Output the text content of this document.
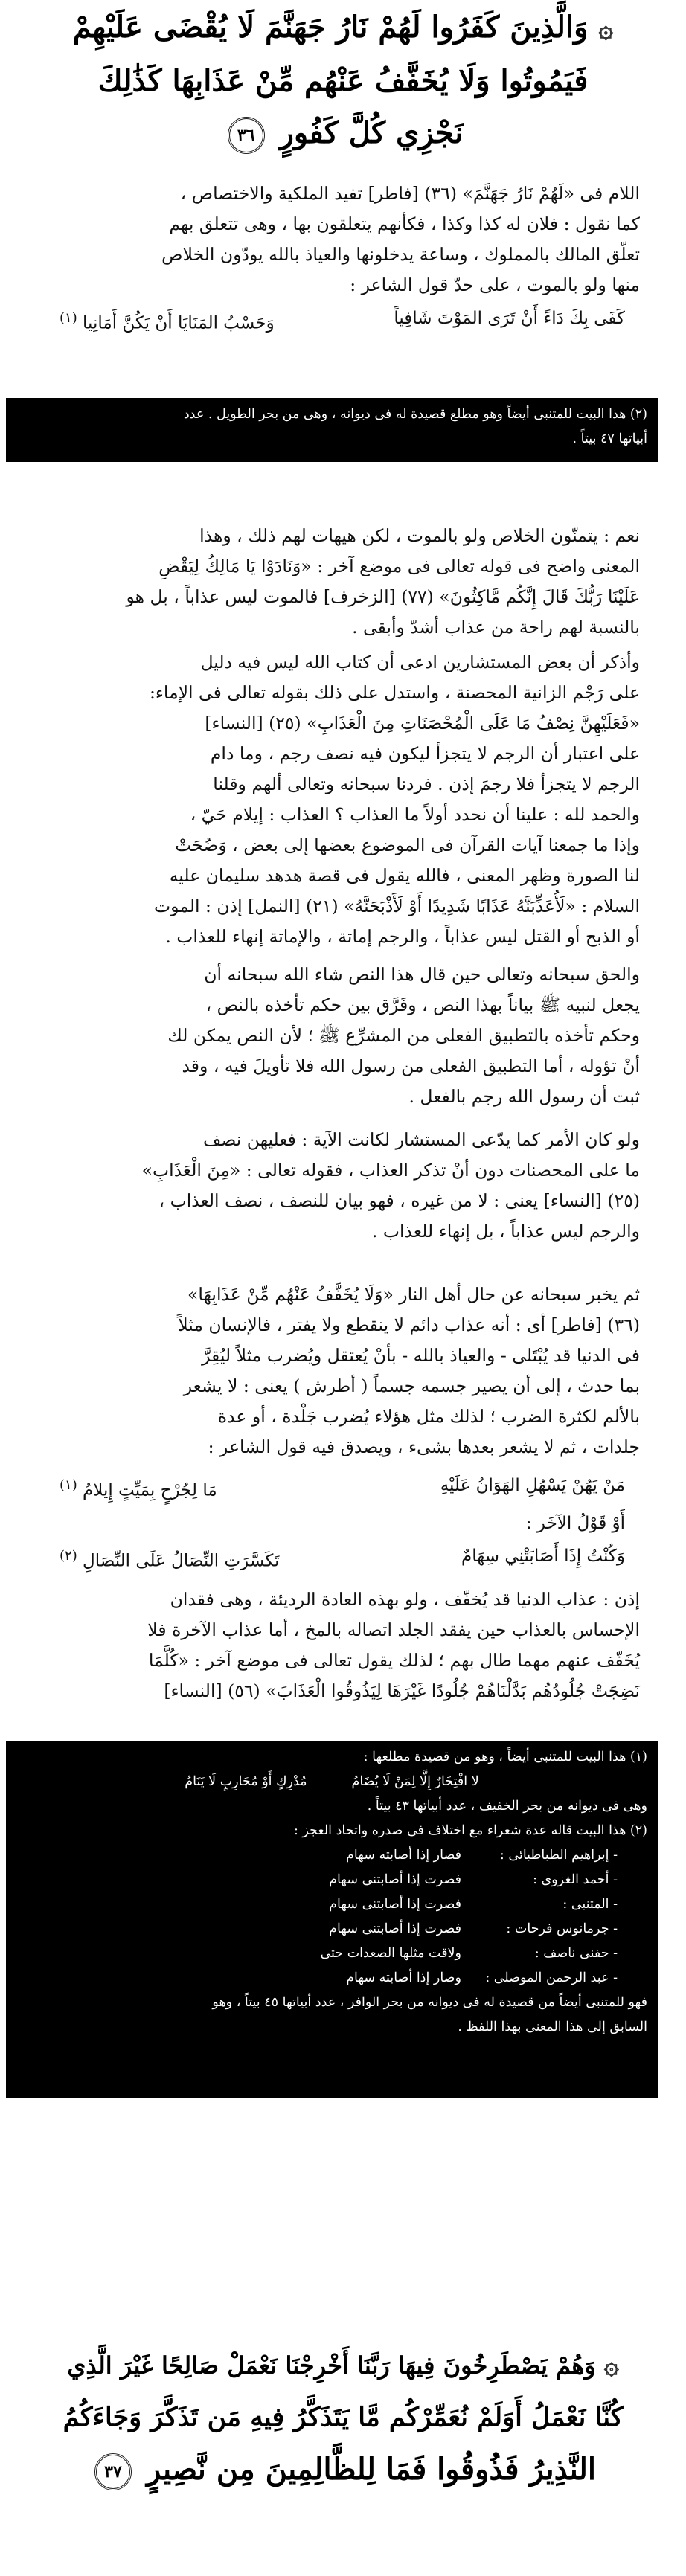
۞ وَالَّذِينَ كَفَرُوا لَهُمْ نَارُ جَهَنَّمَ لَا يُقْضَى عَلَيْهِمْ
فَيَمُوتُوا وَلَا يُخَفَّفُ عَنْهُم مِّنْ عَذَابِهَا كَذَٰلِكَ
نَجْزِي كُلَّ كَفُورٍ ٣٦

اللام فى «لَهُمْ نَارُ جَهَنَّمَ» (٣٦) [فاطر] تفيد الملكية والاختصاص ،

كما نقول : فلان له كذا وكذا ، فكأنهم يتعلقون بها ، وهى تتعلق بهم

تعلّق المالك بالمملوك ، وساعة يدخلونها والعياذ بالله يودّون الخلاص

منها ولو بالموت ، على حدّ قول الشاعر :

كَفَى بِكَ دَاءً أَنْ تَرَى المَوْتَ شَافِياً
وَحَسْبُ المَنَايَا أَنْ يَكُنَّ أَمَانِيا $^{(١)}$

(٢) هذا البيت للمتنبى أيضاً وهو مطلع قصيدة له فى ديوانه ، وهى من بحر الطويل . عدد

أبياتها ٤٧ بيتاً .

نعم : يتمنّون الخلاص ولو بالموت ، لكن هيهات لهم ذلك ، وهذا

المعنى واضح فى قوله تعالى فى موضع آخر : «وَنَادَوْا يَا مَالِكُ لِيَقْضِ

عَلَيْنَا رَبُّكَ قَالَ إِنَّكُم مَّاكِثُونَ» (٧٧) [الزخرف] فالموت ليس عذاباً ، بل هو

بالنسبة لهم راحة من عذاب أشدّ وأبقى .

وأذكر أن بعض المستشارين ادعى أن كتاب الله ليس فيه دليل

على رَجْم الزانية المحصنة ، واستدل على ذلك بقوله تعالى فى الإماء:

«فَعَلَيْهِنَّ نِصْفُ مَا عَلَى الْمُحْصَنَاتِ مِنَ الْعَذَابِ» (٢٥) [النساء]

على اعتبار أن الرجم لا يتجزأ ليكون فيه نصف رجم ، وما دام

الرجم لا يتجزأ فلا رجمَ إذن . فردنا سبحانه وتعالى ألهم وقلنا

والحمد لله : علينا أن نحدد أولاً ما العذاب ؟ العذاب : إيلام حَيّ ،

وإذا ما جمعنا آيات القرآن فى الموضوع بعضها إلى بعض ، وَضُحَتْ

لنا الصورة وظهر المعنى ، فالله يقول فى قصة هدهد سليمان عليه

السلام : «لَأُعَذِّبَنَّهُ عَذَابًا شَدِيدًا أَوْ لَأَذْبَحَنَّهُ» (٢١) [النمل] إذن : الموت

أو الذبح أو القتل ليس عذاباً ، والرجم إماتة ، والإماتة إنهاء للعذاب .

والحق سبحانه وتعالى حين قال هذا النص شاء الله سبحانه أن

يجعل لنبيه ﷺ بياناً بهذا النص ، وفَرَّق بين حكم تأخذه بالنص ،

وحكم تأخذه بالتطبيق الفعلى من المشرِّع ﷺ ؛ لأن النص يمكن لك

أنْ تؤوله ، أما التطبيق الفعلى من رسول الله فلا تأويلَ فيه ، وقد

ثبت أن رسول الله رجم بالفعل .

ولو كان الأمر كما يدّعى المستشار لكانت الآية : فعليهن نصف

ما على المحصنات دون أنْ تذكر العذاب ، فقوله تعالى : «مِنَ الْعَذَابِ»

(٢٥) [النساء] يعنى : لا من غيره ، فهو بيان للنصف ، نصف العذاب ،

والرجم ليس عذاباً ، بل إنهاء للعذاب .

ثم يخبر سبحانه عن حال أهل النار «وَلَا يُخَفَّفُ عَنْهُم مِّنْ عَذَابِهَا»

(٣٦) [فاطر] أى : أنه عذاب دائم لا ينقطع ولا يفتر ، فالإنسان مثلاً

فى الدنيا قد يُبْتَلى - والعياذ بالله - بأنْ يُعتقل ويُضرب مثلاً ليُقِرَّ

بما حدث ، إلى أن يصير جسمه جسماً ( أطرش ) يعنى : لا يشعر

بالألم لكثرة الضرب ؛ لذلك مثل هؤلاء يُضرب جَلْدة ، أو عدة

جلدات ، ثم لا يشعر بعدها بشىء ، ويصدق فيه قول الشاعر :

مَنْ يَهُنْ يَسْهُلِ الهَوَانُ عَلَيْهِ
مَا لِجُرْحٍ بِمَيِّتٍ إِيلامُ $^{(١)}$
أَوْ قَوْلُ الآخَر :
وَكُنْتُ إِذَا أَصَابَتْنِي سِهَامٌ
تَكَسَّرَتِ النِّصَالُ عَلَى النِّصَالِ $^{(٢)}$

إذن : عذاب الدنيا قد يُخفّف ، ولو بهذه العادة الرديئة ، وهى فقدان

الإحساس بالعذاب حين يفقد الجلد اتصاله بالمخ ، أما عذاب الآخرة فلا

يُخَفّف عنهم مهما طال بهم ؛ لذلك يقول تعالى فى موضع آخر : «كُلَّمَا

نَضِجَتْ جُلُودُهُم بَدَّلْنَاهُمْ جُلُودًا غَيْرَهَا لِيَذُوقُوا الْعَذَابَ» (٥٦) [النساء]

(١) هذا البيت للمتنبى أيضاً ، وهو من قصيدة مطلعها :

لا افْتِخَارٌ إِلَّا لِمَنْ لَا يُضَامُ
مُدْرِكٍ أَوْ مُحَارِبٍ لَا يَنَامُ

وهى فى ديوانه من بحر الخفيف ، عدد أبياتها ٤٣ بيتاً .

(٢) هذا البيت قاله عدة شعراء مع اختلاف فى صدره واتحاد العجز :

- إبراهيم الطباطبائى :
فصار إذا أصابته سهام
- أحمد الغزوى :
فصرت إذا أصابتنى سهام
- المتنبى :
فصرت إذا أصابتنى سهام
- جرمانوس فرحات :
فصرت إذا أصابتنى سهام
- حفنى ناصف :
ولاقت مثلها الصعدات حتى
- عبد الرحمن الموصلى :
وصار إذا أصابته سهام

فهو للمتنبى أيضاً من قصيدة له فى ديوانه من بحر الوافر ، عدد أبياتها ٤٥ بيتاً ، وهو

السابق إلى هذا المعنى بهذا اللفظ .

۞ وَهُمْ يَصْطَرِخُونَ فِيهَا رَبَّنَا أَخْرِجْنَا نَعْمَلْ صَالِحًا غَيْرَ الَّذِي
كُنَّا نَعْمَلُ أَوَلَمْ نُعَمِّرْكُم مَّا يَتَذَكَّرُ فِيهِ مَن تَذَكَّرَ وَجَاءَكُمُ
النَّذِيرُ فَذُوقُوا فَمَا لِلظَّالِمِينَ مِن نَّصِيرٍ ٣٧
